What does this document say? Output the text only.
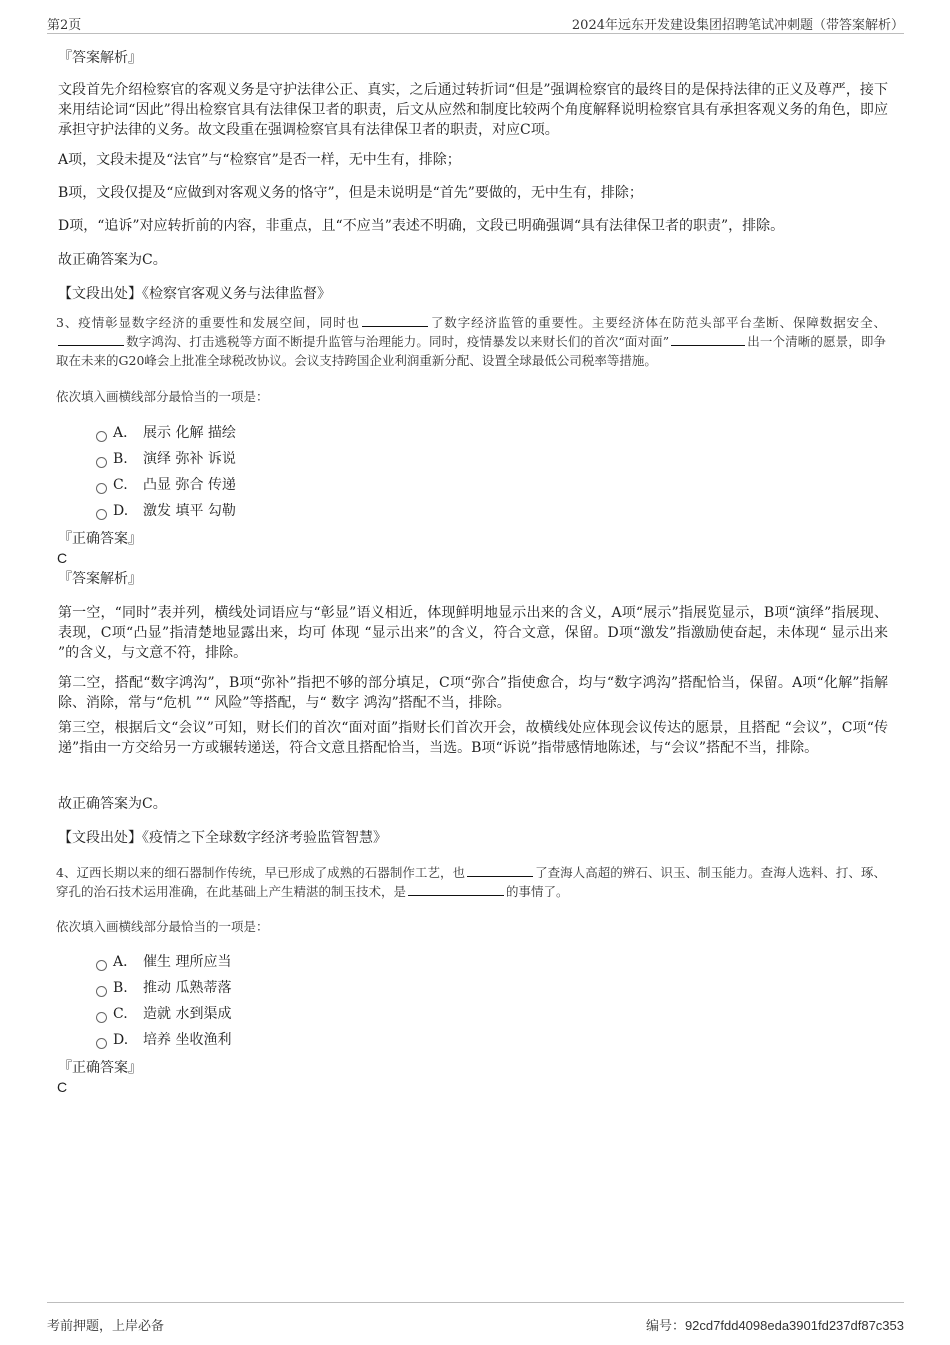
第2页	2024年远东开发建设集团招聘笔试冲刺题（带答案解析）
『答案解析』
文段首先介绍检察官的客观义务是守护法律公正、真实，之后通过转折词“但是”强调检察官的最终目的是保持法律的正义及尊严，接下来用结论词“因此”得出检察官具有法律保卫者的职责，后文从应然和制度比较两个角度解释说明检察官具有承担客观义务的角色，即应承担守护法律的义务。故文段重在强调检察官具有法律保卫者的职责，对应C项。
A项，文段未提及“法官”与“检察官”是否一样，无中生有，排除；
B项，文段仅提及“应做到对客观义务的恪守”，但是未说明是“首先”要做的，无中生有，排除；
D项，“追诉”对应转折前的内容，非重点，且“不应当”表述不明确，文段已明确强调“具有法律保卫者的职责”，排除。
故正确答案为C。
【文段出处】《检察官客观义务与法律监督》
3、疫情彰显数字经济的重要性和发展空间，同时也	了数字经济监管的重要性。主要经济体在防范头部平台垄断、保障数据安全、数字鸿沟、打击逃税等方面不断提升监管与治理能力。同时，疫情暴发以来财长们的首次“面对面”	出一个清晰的愿景，即争取在未来的G20峰会上批准全球税改协议。会议支持跨国企业利润重新分配、设置全球最低公司税率等措施。
依次填入画横线部分最恰当的一项是：
A． 展示 化解 描绘
B. 演绎 弥补 诉说
C. 凸显 弥合 传递
D. 激发 填平 勾勒
『正确答案』
C
『答案解析』
第一空，“同时”表并列，横线处词语应与“彰显”语义相近，体现鲜明地显示出来的含义，A项“展示”指展览显示，B项“演绎”指展现、表现，C项“凸显”指清楚地显露出来，均可 体现 “显示出来”的含义，符合文意，保留。D项“激发”指激励使奋起，未体现“ 显示出来 ”的含义，与文意不符，排除。
第二空，搭配“数字鸿沟”，B项“弥补”指把不够的部分填足，C项“弥合”指使愈合，均与“数字鸿沟”搭配恰当，保留。A项“化解”指解除、消除，常与“危机 ”“ 风险”等搭配，与“ 数字 鸿沟”搭配不当，排除。
第三空，根据后文“会议”可知，财长们的首次“面对面”指财长们首次开会，故横线处应体现会议传达的愿景，且搭配 “会议”，C项“传递”指由一方交给另一方或辗转递送，符合文意且搭配恰当，当选。B项“诉说”指带感情地陈述，与“会议”搭配不当，排除。
故正确答案为C。
【文段出处】《疫情之下全球数字经济考验监管智慧》
4、辽西长期以来的细石器制作传统，早已形成了成熟的石器制作工艺，也	了查海人高超的辨石、识玉、制玉能力。查海人选料、打、琢、穿孔的治石技术运用准确，在此基础上产生精湛的制玉技术，是	的事情了。
依次填入画横线部分最恰当的一项是：
A． 催生 理所应当
B. 推动 瓜熟蒂落
C. 造就 水到渠成
D. 培养 坐收渔利
『正确答案』
C
考前押题，上岸必备	编号：92cd7fdd4098eda3901fd237df87c353
